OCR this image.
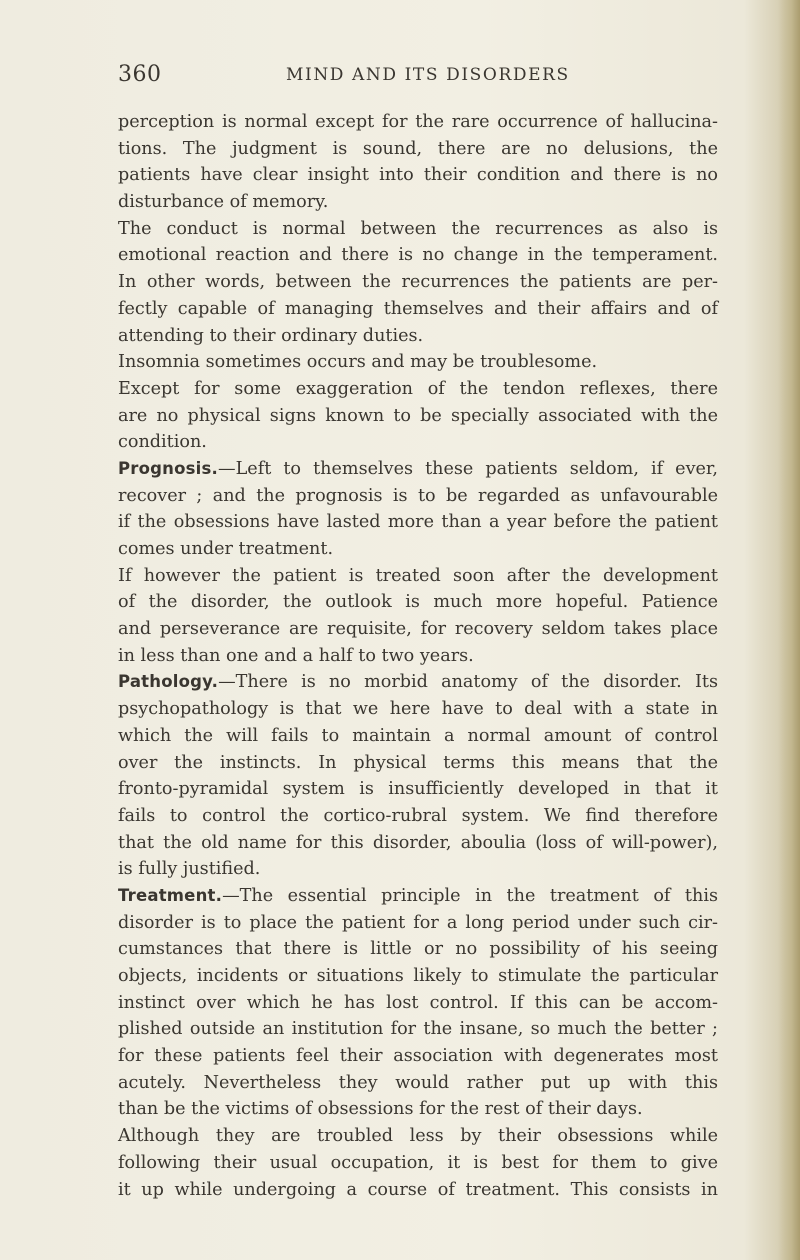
360	MIND AND ITS DISORDERS
perception is normal except for the rare occurrence of hallucina-
tions. The judgment is sound, there are no delusions, the
patients have clear insight into their condition and there is no
disturbance of memory.
The conduct is normal between the recurrences as also is
emotional reaction and there is no change in the temperament.
In other words, between the recurrences the patients are per-
fectly capable of managing themselves and their affairs and of
attending to their ordinary duties.
Insomnia sometimes occurs and may be troublesome.
Except for some exaggeration of the tendon reflexes, there
are no physical signs known to be specially associated with the
condition.
Prognosis.—Left to themselves these patients seldom, if ever,
recover ; and the prognosis is to be regarded as unfavourable
if the obsessions have lasted more than a year before the patient
comes under treatment.
If however the patient is treated soon after the development
of the disorder, the outlook is much more hopeful. Patience
and perseverance are requisite, for recovery seldom takes place
in less than one and a half to two years.
Pathology.—There is no morbid anatomy of the disorder. Its
psychopathology is that we here have to deal with a state in
which the will fails to maintain a normal amount of control
over the instincts. In physical terms this means that the
fronto-pyramidal system is insufficiently developed in that it
fails to control the cortico-rubral system. We find therefore
that the old name for this disorder, aboulia (loss of will-power),
is fully justified.
Treatment.—The essential principle in the treatment of this
disorder is to place the patient for a long period under such cir-
cumstances that there is little or no possibility of his seeing
objects, incidents or situations likely to stimulate the particular
instinct over which he has lost control. If this can be accom-
plished outside an institution for the insane, so much the better ;
for these patients feel their association with degenerates most
acutely. Nevertheless they would rather put up with this
than be the victims of obsessions for the rest of their days.
Although they are troubled less by their obsessions while
following their usual occupation, it is best for them to give
it up while undergoing a course of treatment. This consists in
